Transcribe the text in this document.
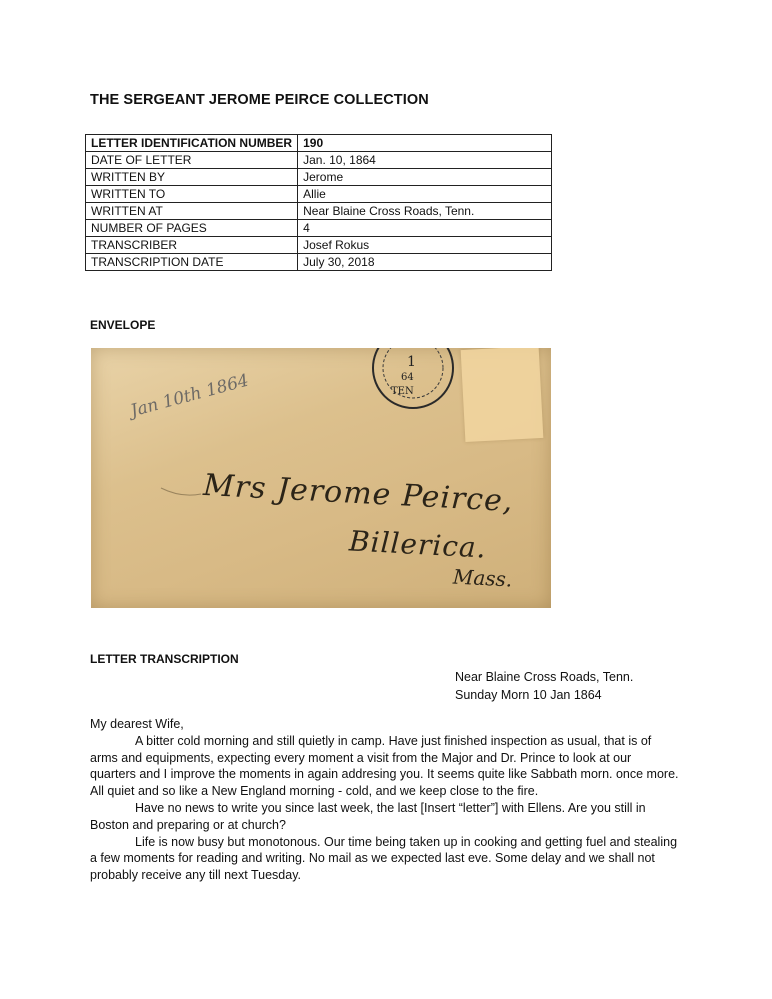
THE SERGEANT JEROME PEIRCE COLLECTION
LETTER IDENTIFICATION NUMBER	190
DATE OF LETTER	Jan. 10, 1864
WRITTEN BY	Jerome
WRITTEN TO	Allie
WRITTEN AT	Near Blaine Cross Roads, Tenn.
NUMBER OF PAGES	4
TRANSCRIBER	Josef Rokus
TRANSCRIPTION DATE	July 30, 2018
ENVELOPE
1
64
TEN
Jan 10th 1864
Mrs Jerome Peirce,
Billerica.
Mass.
LETTER TRANSCRIPTION
Near Blaine Cross Roads, Tenn.
Sunday Morn 10 Jan 1864

My dearest Wife,

A bitter cold morning and still quietly in camp. Have just finished inspection as usual, that is of arms and equipments, expecting every moment a visit from the Major and Dr. Prince to look at our quarters and I improve the moments in again addresing you. It seems quite like Sabbath morn. once more. All quiet and so like a New England morning - cold, and we keep close to the fire.

Have no news to write you since last week, the last [Insert “letter”] with Ellens. Are you still in Boston and preparing or at church?

Life is now busy but monotonous. Our time being taken up in cooking and getting fuel and stealing a few moments for reading and writing. No mail as we expected last eve. Some delay and we shall not probably receive any till next Tuesday.
